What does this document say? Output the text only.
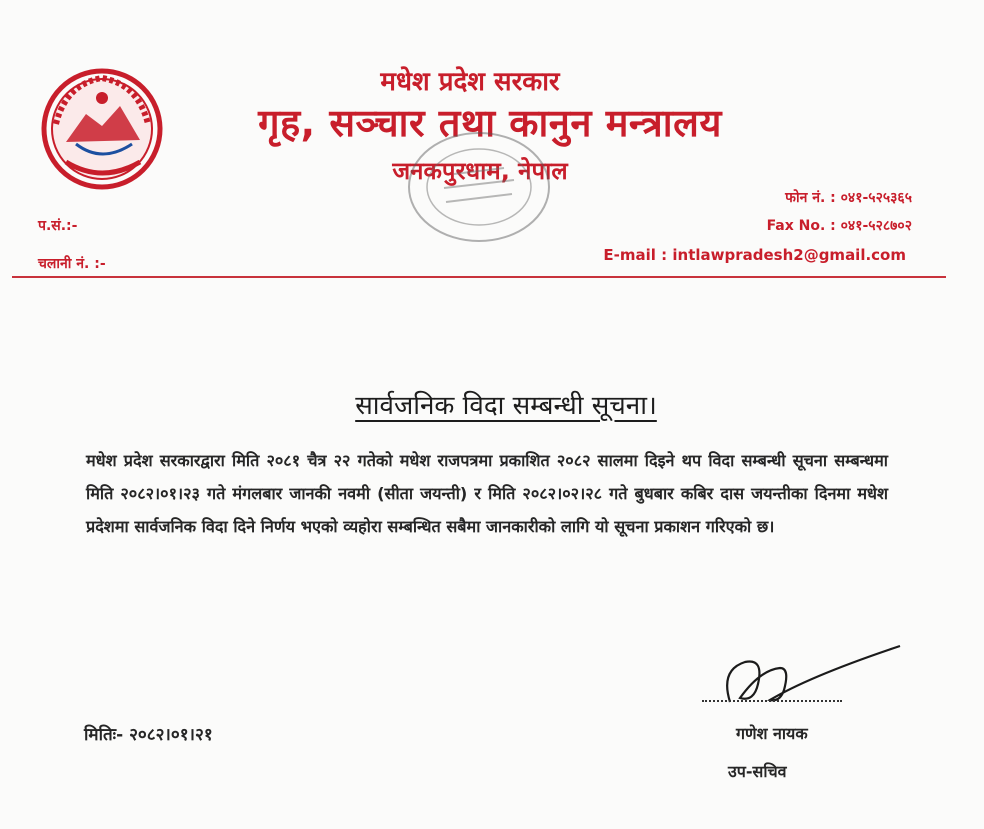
मधेश प्रदेश सरकार
गृह, सञ्चार तथा कानुन मन्त्रालय
जनकपुरधाम, नेपाल
प.सं.:-
चलानी नं. :-
फोन नं. : ०४१-५२५३६५
Fax No. : ०४१-५२८७०२
E-mail : intlawpradesh2@gmail.com
सार्वजनिक विदा सम्बन्धी सूचना।
मधेश प्रदेश सरकारद्वारा मिति २०८१ चैत्र २२ गतेको मधेश राजपत्रमा प्रकाशित २०८२ सालमा दिइने थप विदा सम्बन्धी सूचना सम्बन्धमा मिति २०८२।०१।२३ गते मंगलबार जानकी नवमी (सीता जयन्ती) र मिति २०८२।०२।२८ गते बुधबार कबिर दास जयन्तीका दिनमा मधेश प्रदेशमा सार्वजनिक विदा दिने निर्णय भएको व्यहोरा सम्बन्धित सबैमा जानकारीको लागि यो सूचना प्रकाशन गरिएको छ।
मितिः- २०८२।०१।२१	गणेश नायक
उप-सचिव
